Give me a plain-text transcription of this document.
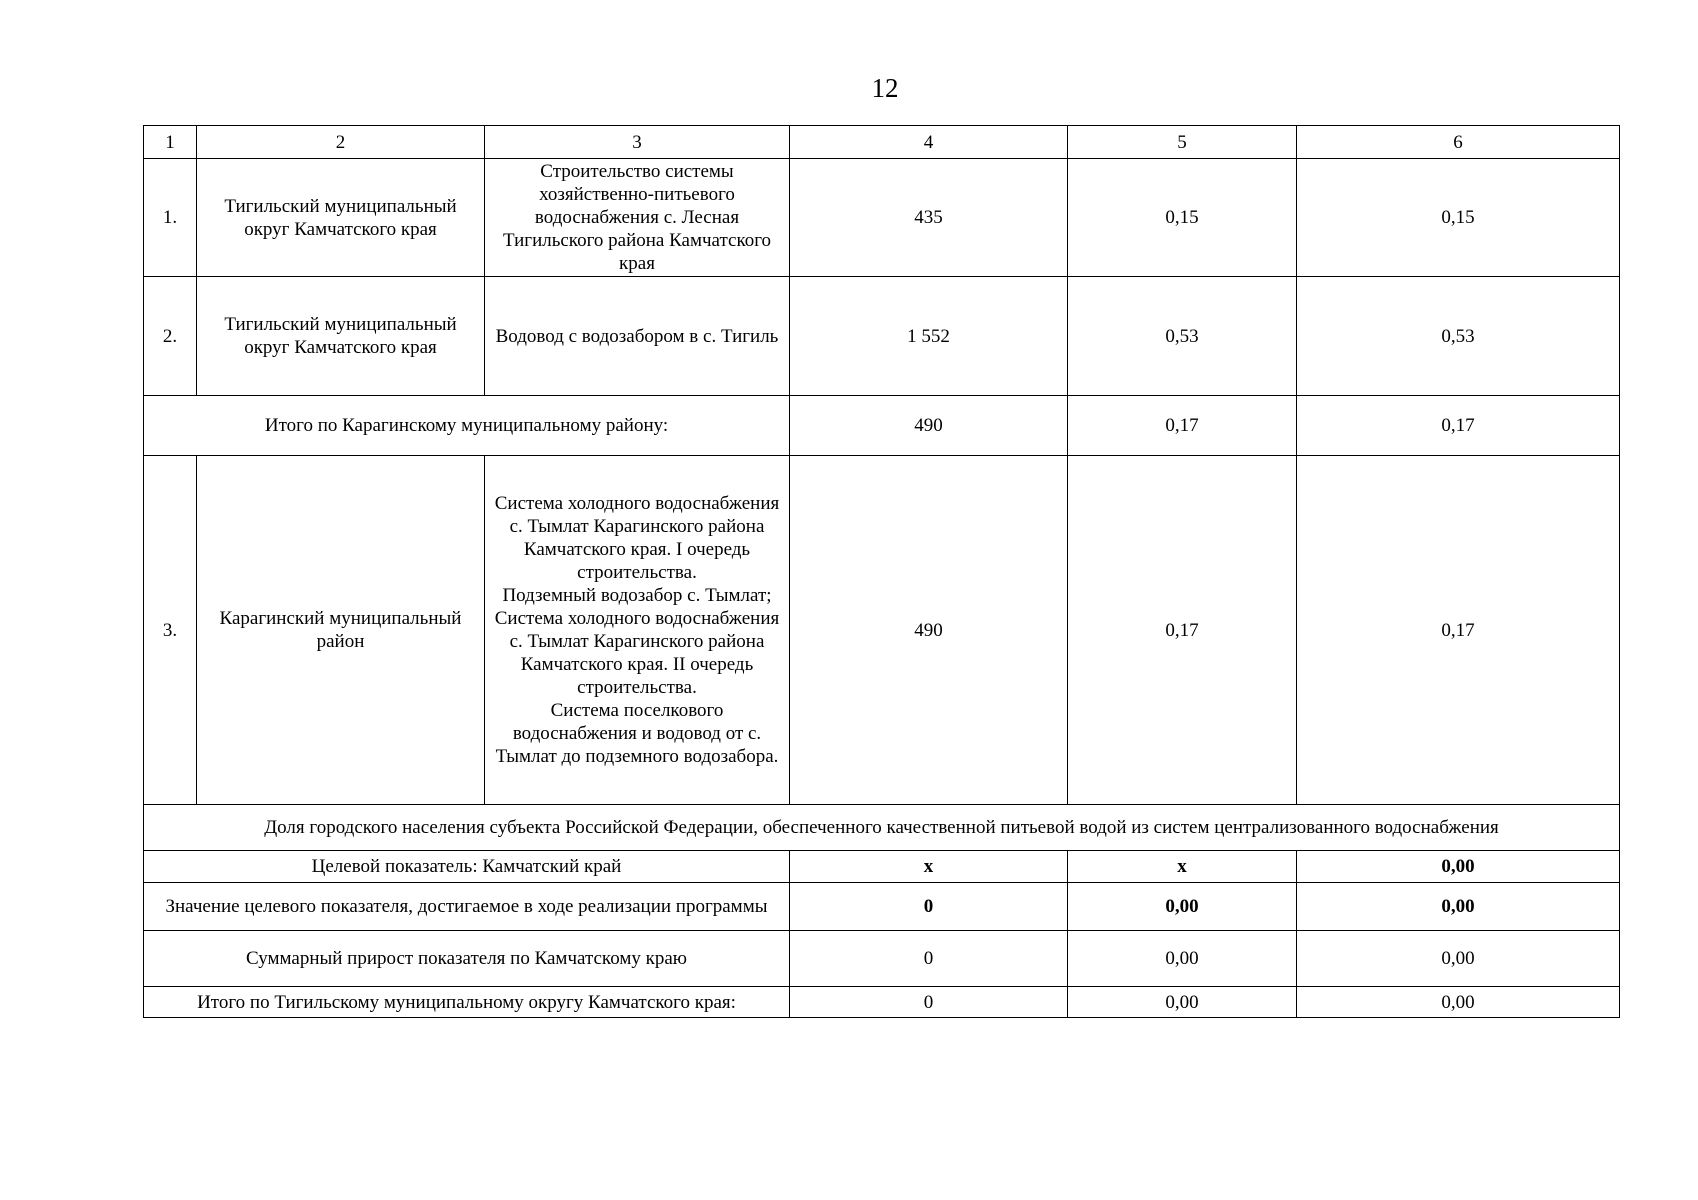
12
1	2	3	4	5	6
1.	Тигильский муниципальный округ Камчатского края	Строительство системы хозяйственно-питьевого водоснабжения с. Лесная Тигильского района Камчатского края	435	0,15	0,15
2.	Тигильский муниципальный округ Камчатского края	Водовод с водозабором в с. Тигиль	1 552	0,53	0,53
Итого по Карагинскому муниципальному району:			490	0,17	0,17
3.	Карагинский муниципальный район	Система холодного водоснабжения с. Тымлат Карагинского района Камчатского края. I очередь строительства.
Подземный водозабор с. Тымлат; Система холодного водоснабжения с. Тымлат Карагинского района Камчатского края. II очередь строительства.
Система поселкового водоснабжения и водовод от с. Тымлат до подземного водозабора.	490	0,17	0,17
Доля городского населения субъекта Российской Федерации, обеспеченного качественной питьевой водой из систем централизованного водоснабжения					
Целевой показатель: Камчатский край			x	x	0,00
Значение целевого показателя, достигаемое в ходе реализации программы			0	0,00	0,00
Суммарный прирост показателя по Камчатскому краю			0	0,00	0,00
Итого по Тигильскому муниципальному округу Камчатского края:			0	0,00	0,00
